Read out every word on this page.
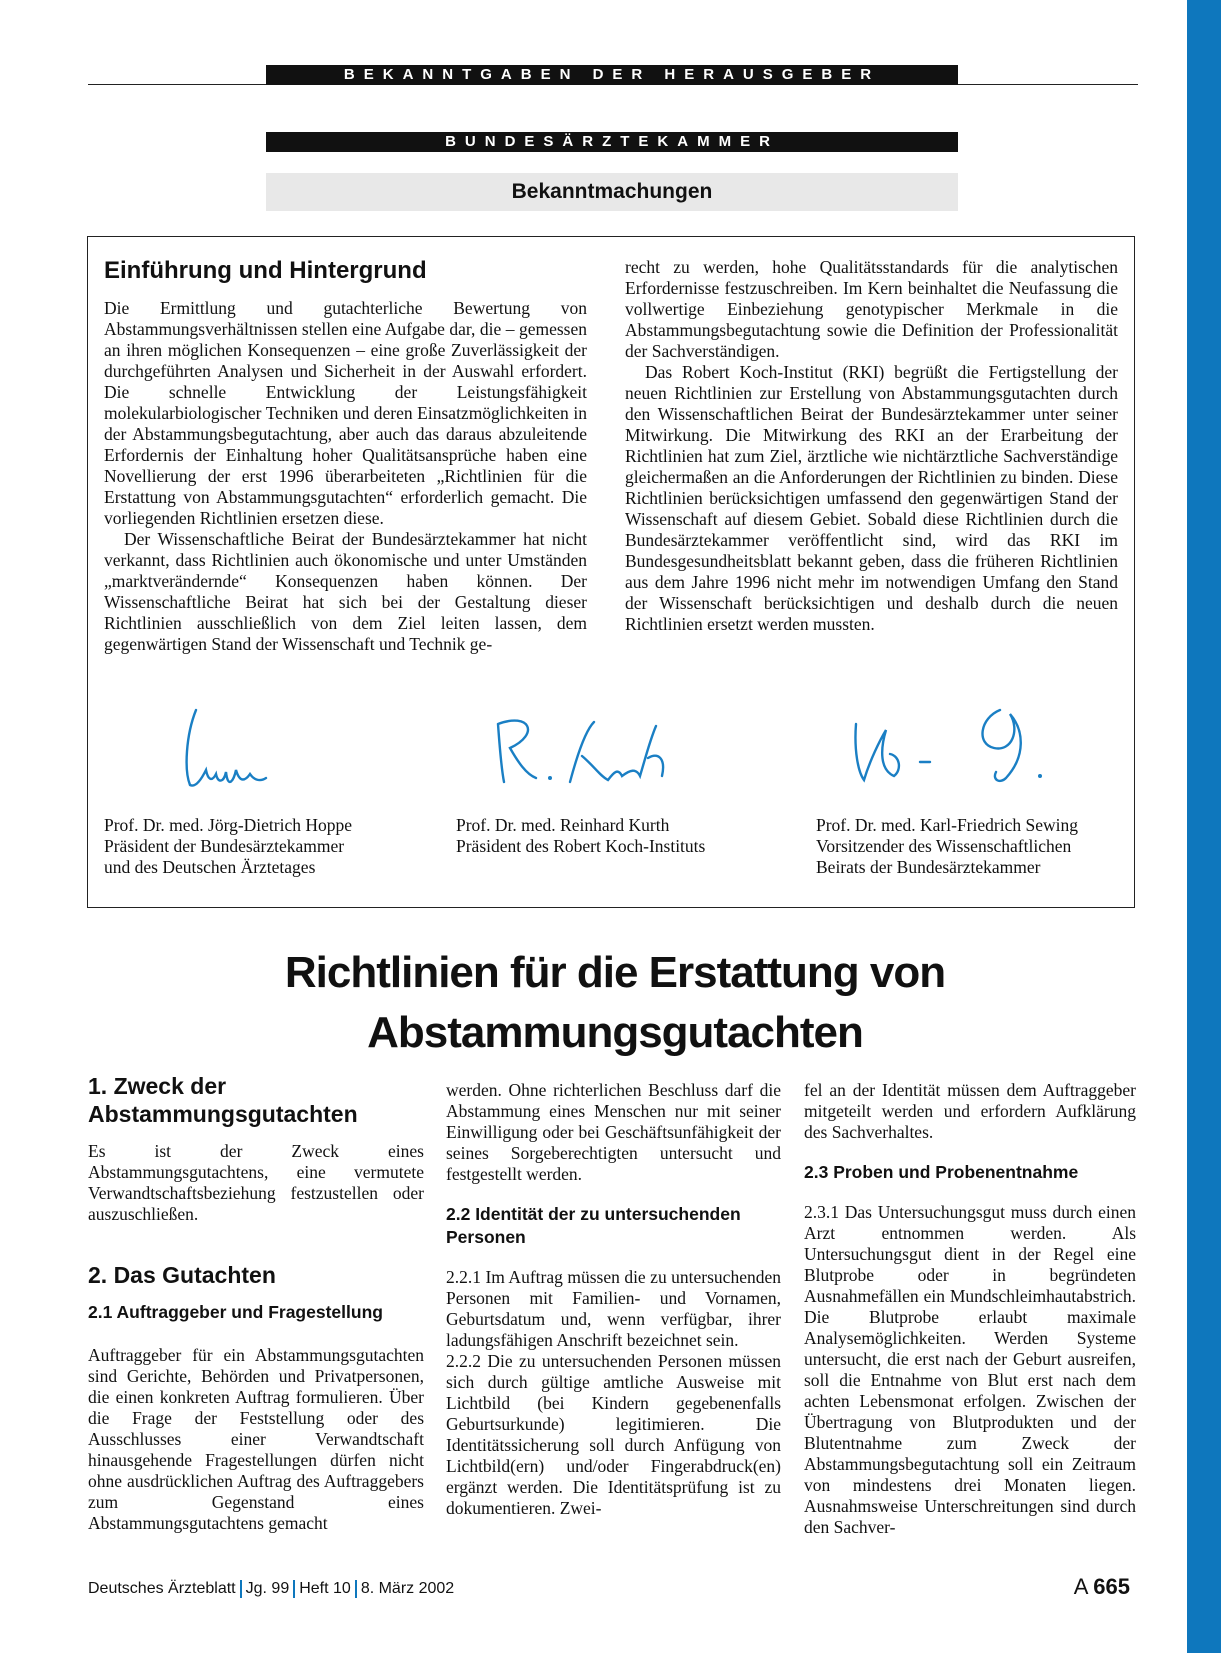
BEKANNTGABEN DER HERAUSGEBER
BUNDESÄRZTEKAMMER
Bekanntmachungen
Einführung und Hintergrund

Die Ermittlung und gutachterliche Bewertung von Abstammungsverhältnissen stellen eine Aufgabe dar, die – gemessen an ihren möglichen Konsequenzen – eine große Zuverlässigkeit der durchgeführten Analysen und Sicherheit in der Auswahl erfordert. Die schnelle Entwicklung der Leistungsfähigkeit molekularbiologischer Techniken und deren Einsatzmöglichkeiten in der Abstammungsbegutachtung, aber auch das daraus abzuleitende Erfordernis der Einhaltung hoher Qualitätsansprüche haben eine Novellierung der erst 1996 überarbeiteten „Richtlinien für die Erstattung von Abstammungsgutachten“ erforderlich gemacht. Die vorliegenden Richtlinien ersetzen diese.

Der Wissenschaftliche Beirat der Bundesärztekammer hat nicht verkannt, dass Richtlinien auch ökonomische und unter Umständen „marktverändernde“ Konsequenzen haben können. Der Wissenschaftliche Beirat hat sich bei der Gestaltung dieser Richtlinien ausschließlich von dem Ziel leiten lassen, dem gegenwärtigen Stand der Wissenschaft und Technik ge-

recht zu werden, hohe Qualitätsstandards für die analytischen Erfordernisse festzuschreiben. Im Kern beinhaltet die Neufassung die vollwertige Einbeziehung genotypischer Merkmale in die Abstammungsbegutachtung sowie die Definition der Professionalität der Sachverständigen.

Das Robert Koch-Institut (RKI) begrüßt die Fertigstellung der neuen Richtlinien zur Erstellung von Abstammungsgutachten durch den Wissenschaftlichen Beirat der Bundesärztekammer unter seiner Mitwirkung. Die Mitwirkung des RKI an der Erarbeitung der Richtlinien hat zum Ziel, ärztliche wie nichtärztliche Sachverständige gleichermaßen an die Anforderungen der Richtlinien zu binden. Diese Richtlinien berücksichtigen umfassend den gegenwärtigen Stand der Wissenschaft auf diesem Gebiet. Sobald diese Richtlinien durch die Bundesärztekammer veröffentlicht sind, wird das RKI im Bundesgesundheitsblatt bekannt geben, dass die früheren Richtlinien aus dem Jahre 1996 nicht mehr im notwendigen Umfang den Stand der Wissenschaft berücksichtigen und deshalb durch die neuen Richtlinien ersetzt werden mussten.

Prof. Dr. med. Jörg-Dietrich Hoppe
Präsident der Bundesärztekammer
und des Deutschen Ärztetages
Prof. Dr. med. Reinhard Kurth
Präsident des Robert Koch-Instituts
Prof. Dr. med. Karl-Friedrich Sewing
Vorsitzender des Wissenschaftlichen
Beirats der Bundesärztekammer
Richtlinien für die Erstattung von
Abstammungsgutachten
1. Zweck der Abstammungsgutachten

Es ist der Zweck eines Abstammungsgutachtens, eine vermutete Verwandtschaftsbeziehung festzustellen oder auszuschließen.

2. Das Gutachten
2.1 Auftraggeber und Fragestellung

Auftraggeber für ein Abstammungsgutachten sind Gerichte, Behörden und Privatpersonen, die einen konkreten Auftrag formulieren. Über die Frage der Feststellung oder des Ausschlusses einer Verwandtschaft hinausgehende Fragestellungen dürfen nicht ohne ausdrücklichen Auftrag des Auftraggebers zum Gegenstand eines Abstammungsgutachtens gemacht

werden. Ohne richterlichen Beschluss darf die Abstammung eines Menschen nur mit seiner Einwilligung oder bei Geschäftsunfähigkeit der seines Sorgeberechtigten untersucht und festgestellt werden.

2.2 Identität der zu untersuchenden Personen

2.2.1 Im Auftrag müssen die zu untersuchenden Personen mit Familien- und Vornamen, Geburtsdatum und, wenn verfügbar, ihrer ladungsfähigen Anschrift bezeichnet sein.

2.2.2 Die zu untersuchenden Personen müssen sich durch gültige amtliche Ausweise mit Lichtbild (bei Kindern gegebenenfalls Geburtsurkunde) legitimieren. Die Identitätssicherung soll durch Anfügung von Lichtbild(ern) und/oder Fingerabdruck(en) ergänzt werden. Die Identitätsprüfung ist zu dokumentieren. Zwei-

fel an der Identität müssen dem Auftraggeber mitgeteilt werden und erfordern Aufklärung des Sachverhaltes.

2.3 Proben und Probenentnahme

2.3.1 Das Untersuchungsgut muss durch einen Arzt entnommen werden. Als Untersuchungsgut dient in der Regel eine Blutprobe oder in begründeten Ausnahmefällen ein Mundschleimhautabstrich. Die Blutprobe erlaubt maximale Analysemöglichkeiten. Werden Systeme untersucht, die erst nach der Geburt ausreifen, soll die Entnahme von Blut erst nach dem achten Lebensmonat erfolgen. Zwischen der Übertragung von Blutprodukten und der Blutentnahme zum Zweck der Abstammungsbegutachtung soll ein Zeitraum von mindestens drei Monaten liegen. Ausnahmsweise Unterschreitungen sind durch den Sachver-

Deutsches Ärzteblatt Jg. 99 Heft 10 8. März 2002	A 665
